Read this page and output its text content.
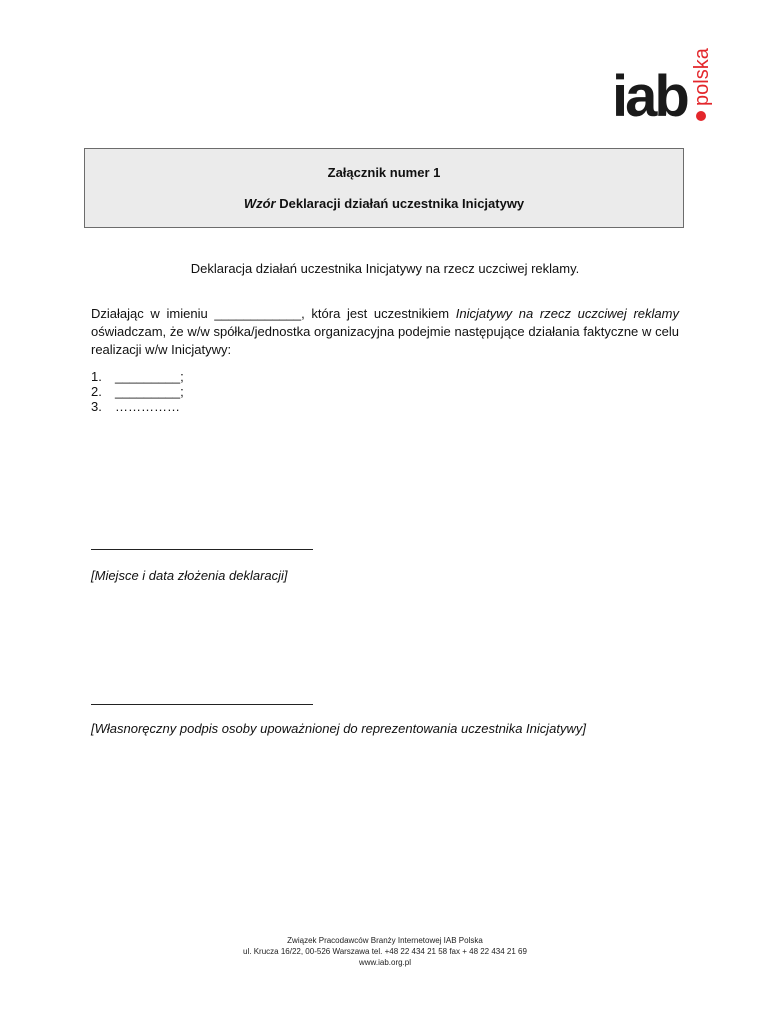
iab polska
Załącznik numer 1
Wzór Deklaracji działań uczestnika Inicjatywy
Deklaracja działań uczestnika Inicjatywy na rzecz uczciwej reklamy.
Działając w imieniu ____________, która jest uczestnikiem Inicjatywy na rzecz uczciwej reklamy oświadczam, że w/w spółka/jednostka organizacyjna podejmie następujące działania faktyczne w celu realizacji w/w Inicjatywy:
1.	_________;
2.	_________;
3.	……………
[Miejsce i data złożenia deklaracji]
[Własnoręczny podpis osoby upoważnionej do reprezentowania uczestnika Inicjatywy]
Związek Pracodawców Branży Internetowej IAB Polska
ul. Krucza 16/22, 00-526 Warszawa tel. +48 22 434 21 58 fax + 48 22 434 21 69
www.iab.org.pl
